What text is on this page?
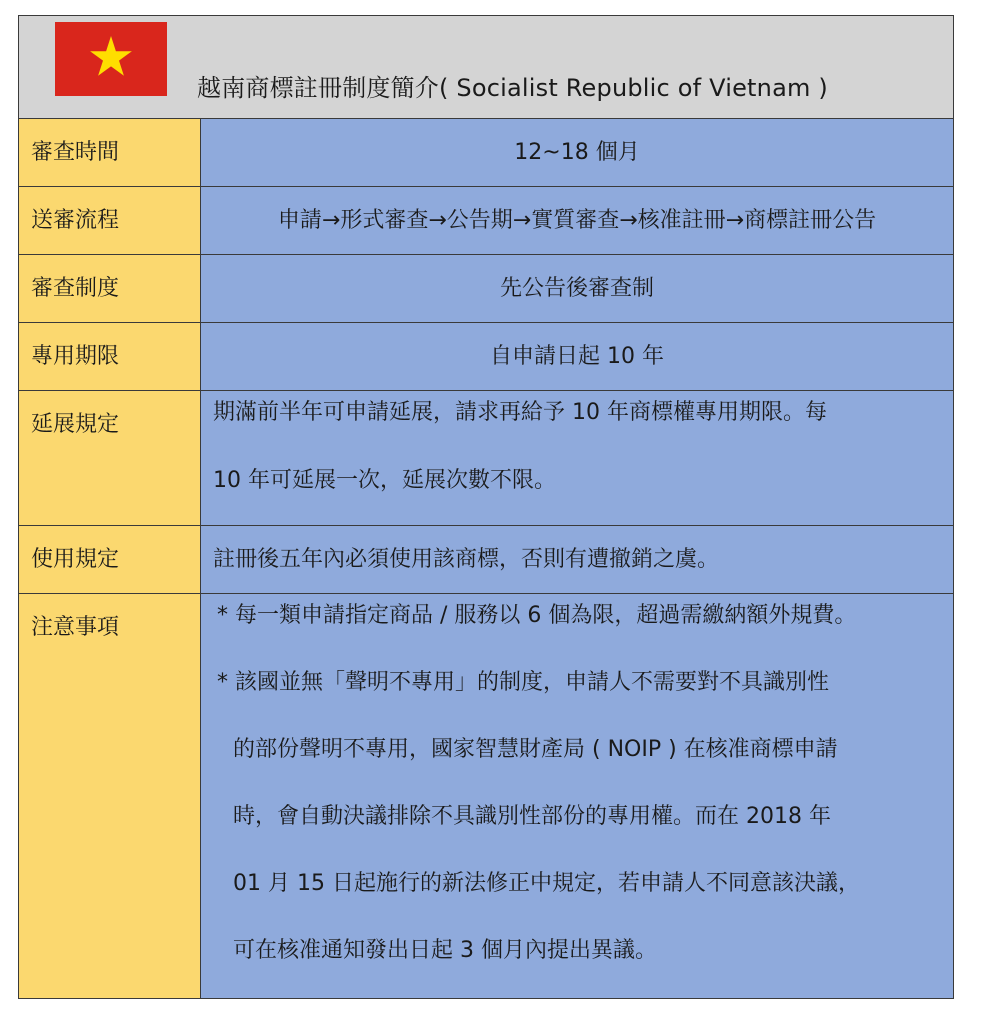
越南商標註冊制度簡介( Socialist Republic of Vietnam )
審查時間	12~18 個月
送審流程	申請→形式審查→公告期→實質審查→核准註冊→商標註冊公告
審查制度	先公告後審查制
專用期限	自申請日起 10 年
延展規定	期滿前半年可申請延展，請求再給予 10 年商標權專用期限。每
10 年可延展一次，延展次數不限。
使用規定	註冊後五年內必須使用該商標，否則有遭撤銷之虞。
注意事項	* 每一類申請指定商品 / 服務以 6 個為限，超過需繳納額外規費。
* 該國並無「聲明不專用」的制度，申請人不需要對不具識別性
的部份聲明不專用，國家智慧財產局 ( NOIP ) 在核准商標申請
時，會自動決議排除不具識別性部份的專用權。而在 2018 年
01 月 15 日起施行的新法修正中規定，若申請人不同意該決議，
可在核准通知發出日起 3 個月內提出異議。
